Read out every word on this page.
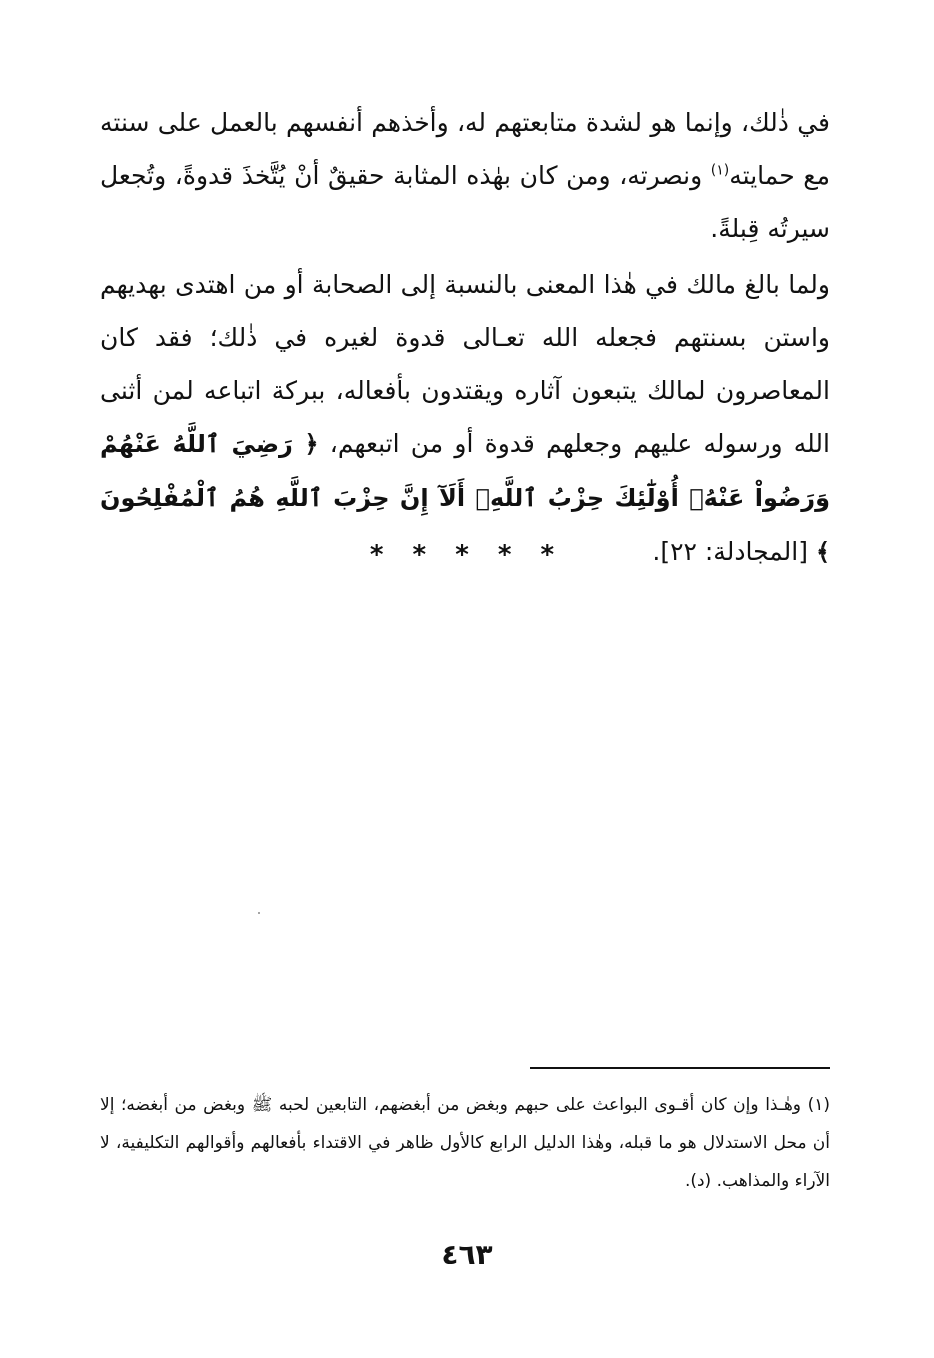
في ذٰلك، وإنما هو لشدة متابعتهم له، وأخذهم أنفسهم بالعمل على سنته مع حمايته$^{(١)}$ ونصرته، ومن كان بهٰذه المثابة حقيقٌ أنْ يُتَّخذَ قدوةً، وتُجعل سيرتُه قِبلةً.

ولما بالغ مالك في هٰذا المعنى بالنسبة إلى الصحابة أو من اهتدى بهديهم واستن بسنتهم فجعله الله تعـالى قدوة لغيره في ذٰلك؛ فقد كان المعاصرون لمالك يتبعون آثاره ويقتدون بأفعاله، ببركة اتباعه لمن أثنى الله ورسوله عليهم وجعلهم قدوة أو من اتبعهم، ﴿ رَضِيَ ٱللَّهُ عَنْهُمْ وَرَضُواْ عَنْهُۚ أُوْلَٰٓئِكَ حِزْبُ ٱللَّهِۚ أَلَآ إِنَّ حِزْبَ ٱللَّهِ هُمُ ٱلْمُفْلِحُونَ ﴾ [المجادلة: ٢٢].

* * * * *

(١) وهٰـذا وإن كان أقـوى البواعث على حبهم وبغض من أبغضهم، التابعين لحبه ﷺ وبغض من أبغضه؛ إلا أن محل الاستدلال هو ما قبله، وهٰذا الدليل الرابع كالأول ظاهر في الاقتداء بأفعالهم وأقوالهم التكليفية، لا الآراء والمذاهب. (د).

٤٦٣
